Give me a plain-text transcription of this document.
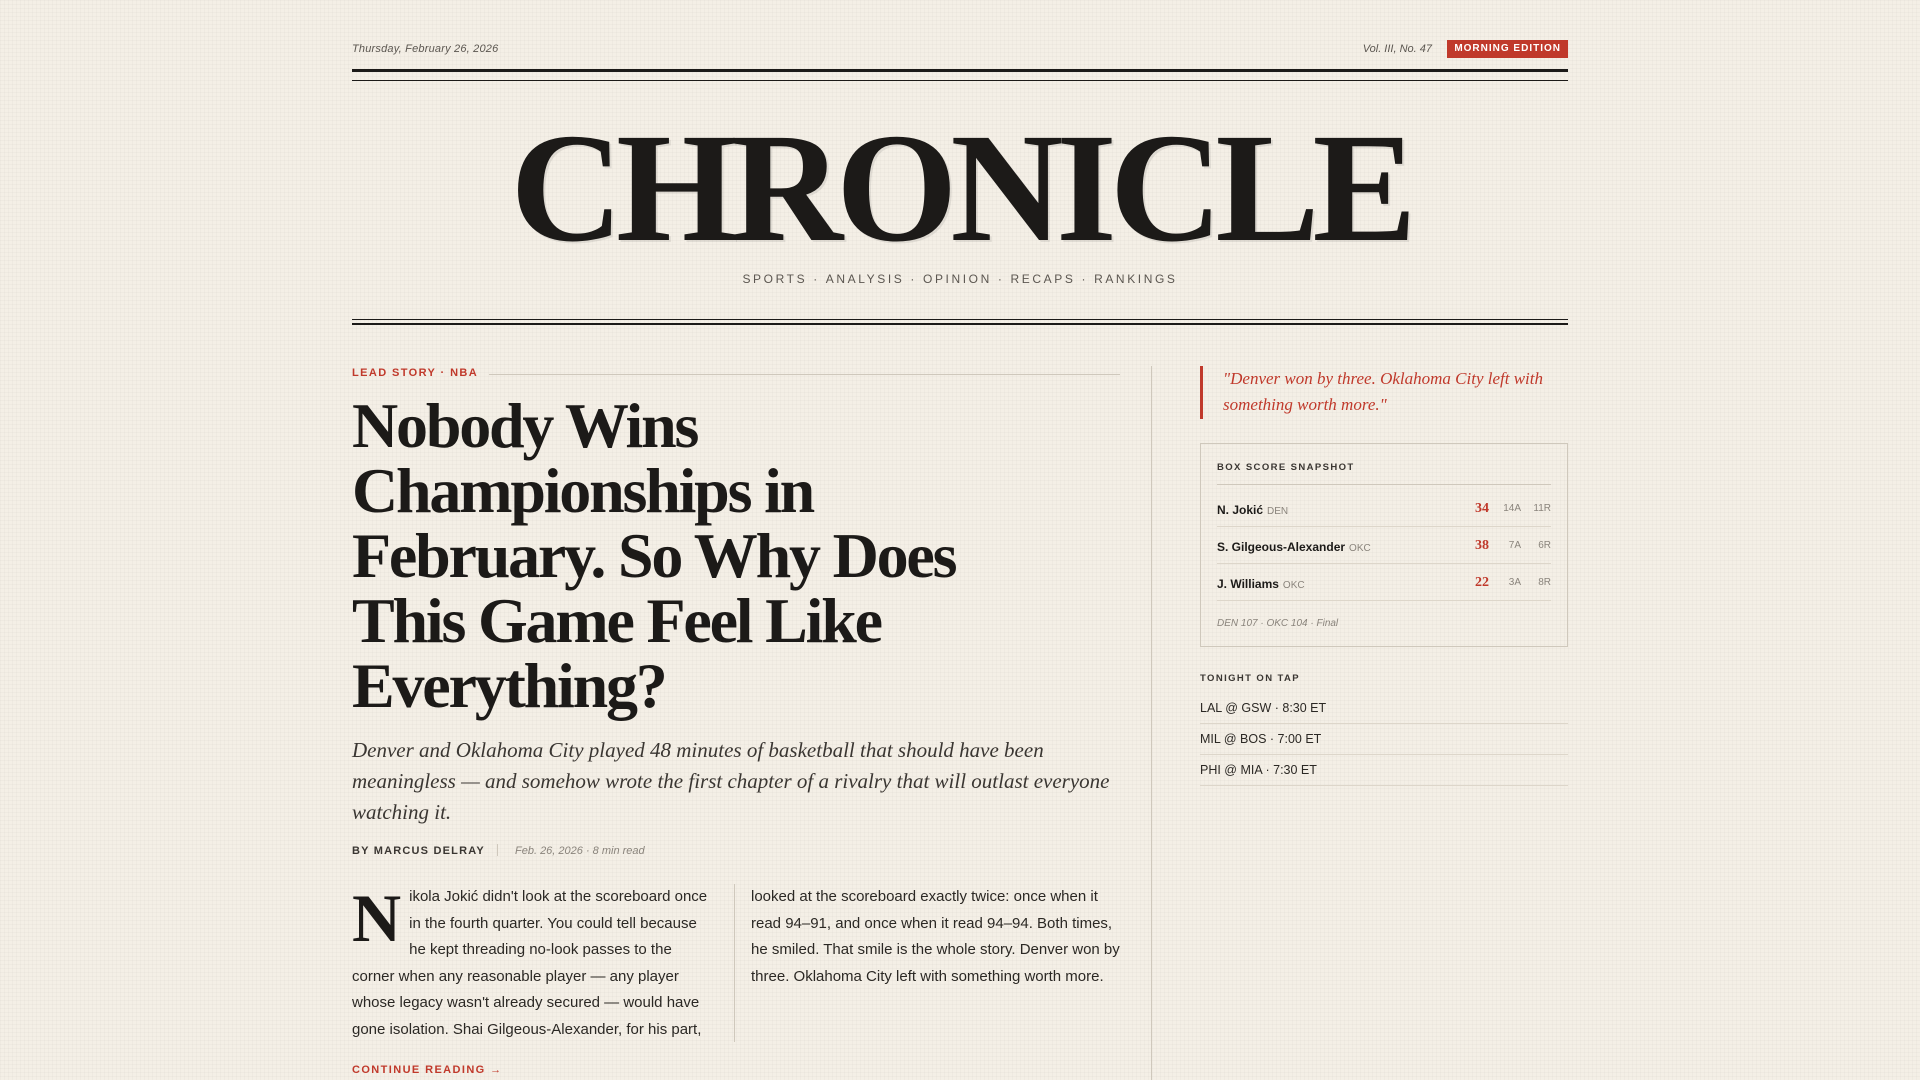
Thursday, February 26, 2026	Vol. III, No. 47	MORNING EDITION
CHRONICLE
SPORTS · ANALYSIS · OPINION · RECAPS · RANKINGS
LEAD STORY · NBA
Nobody Wins Championships in February. So Why Does This Game Feel Like Everything?

Denver and Oklahoma City played 48 minutes of basketball that should have been meaningless — and somehow wrote the first chapter of a rivalry that will outlast everyone watching it.

BY MARCUS DELRAY	Feb. 26, 2026 · 8 min read
Nikola Jokić didn't look at the scoreboard once in the fourth quarter. You could tell because he kept threading no-look passes to the corner when any reasonable player — any player whose legacy wasn't already secured — would have gone isolation. Shai Gilgeous-Alexander, for his part,
looked at the scoreboard exactly twice: once when it read 94–91, and once when it read 94–94. Both times, he smiled. That smile is the whole story. Denver won by three. Oklahoma City left with something worth more.
CONTINUE READING →
"Denver won by three. Oklahoma City left with something worth more."
BOX SCORE SNAPSHOT
N. Jokić DEN	34 14A 11R
S. Gilgeous-Alexander OKC	38 7A 6R
J. Williams OKC	22 3A 8R
DEN 107 · OKC 104 · Final
TONIGHT ON TAP
LAL @ GSW · 8:30 ET
MIL @ BOS · 7:00 ET
PHI @ MIA · 7:30 ET
